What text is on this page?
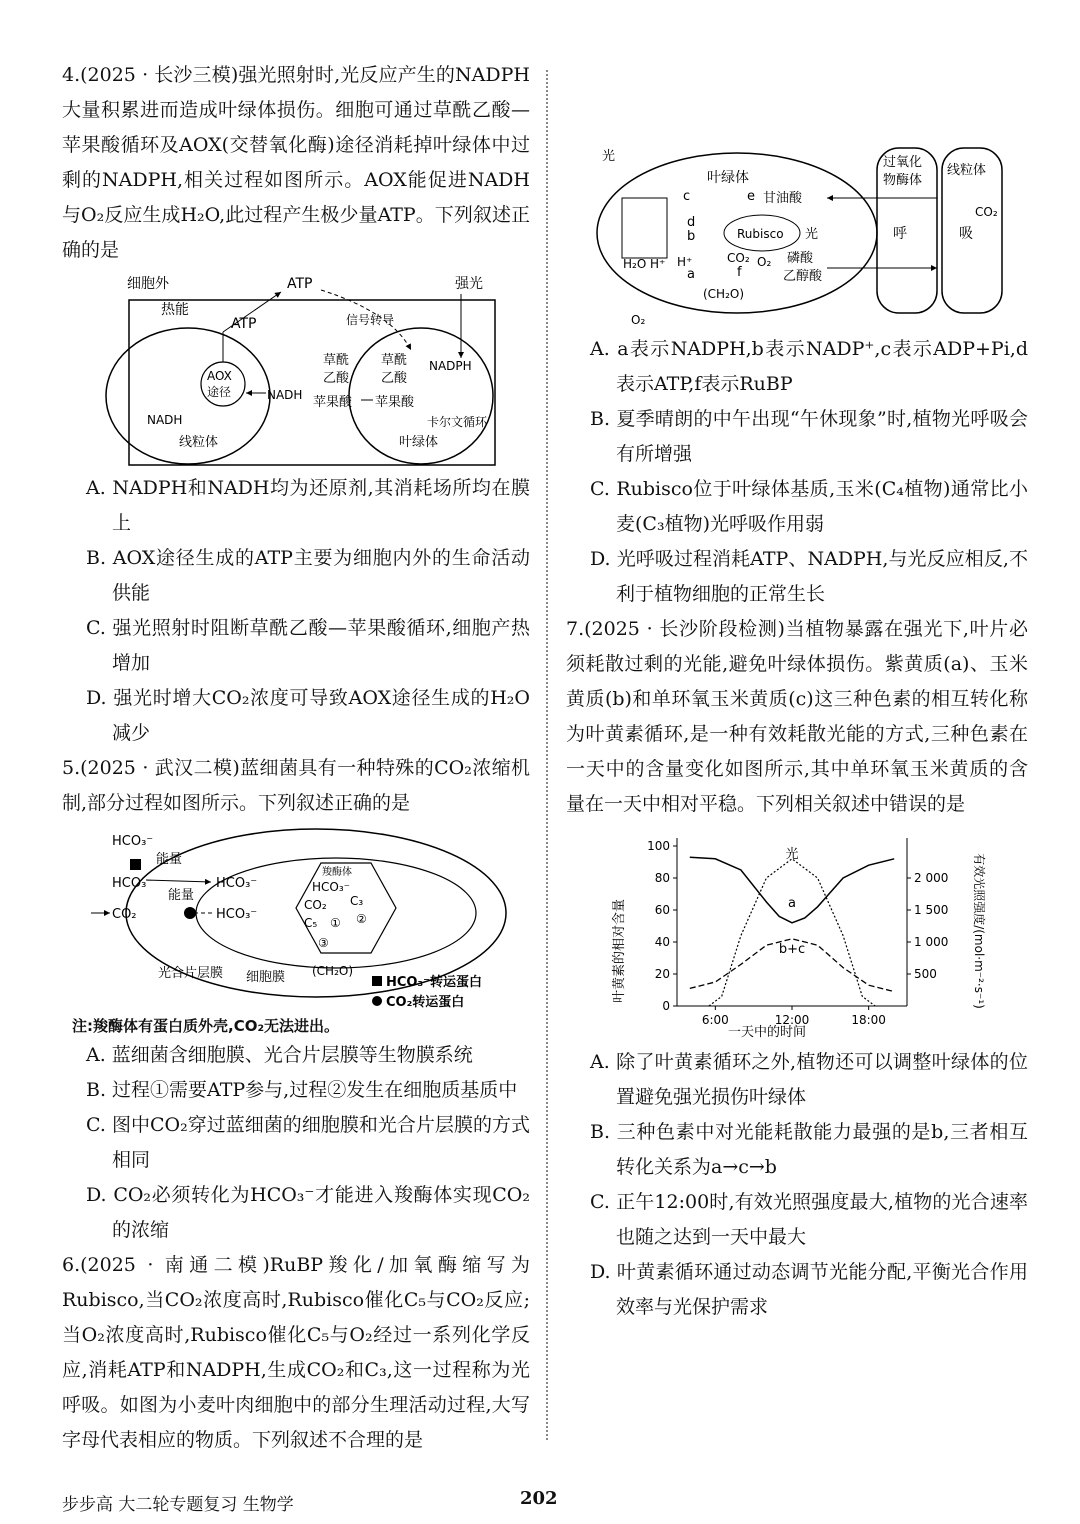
4.(2025 · 长沙三模)强光照射时,光反应产生的NADPH大量积累进而造成叶绿体损伤。细胞可通过草酰乙酸—苹果酸循环及AOX(交替氧化酶)途径消耗掉叶绿体中过剩的NADPH,相关过程如图所示。AOX能促进NADH与O₂反应生成H₂O,此过程产生极少量ATP。下列叙述正确的是

细胞外
热能
ATP
ATP
强光
信号转导
AOX
途径
NADPH
NADH
NADH
草酰
乙酸
草酰
乙酸
苹果酸 苹果酸
卡尔文循环
线粒体	叶绿体

A. NADPH和NADH均为还原剂,其消耗场所均在膜上

B. AOX途径生成的ATP主要为细胞内外的生命活动供能

C. 强光照射时阻断草酰乙酸—苹果酸循环,细胞产热增加

D. 强光时增大CO₂浓度可导致AOX途径生成的H₂O减少

5.(2025 · 武汉二模)蓝细菌具有一种特殊的CO₂浓缩机制,部分过程如图所示。下列叙述正确的是

HCO₃⁻
能量
HCO₃⁻
能量
HCO₃⁻
HCO₃⁻
CO₂
羧酶体
HCO₃⁻
CO₂ C₃
C₅ ① ②
③
(CH₂O)
光合片层膜 细胞膜	HCO₃⁻转运蛋白
CO₂转运蛋白

注:羧酶体有蛋白质外壳,CO₂无法进出。

A. 蓝细菌含细胞膜、光合片层膜等生物膜系统

B. 过程①需要ATP参与,过程②发生在细胞质基质中

C. 图中CO₂穿过蓝细菌的细胞膜和光合片层膜的方式相同

D. CO₂必须转化为HCO₃⁻才能进入羧酶体实现CO₂的浓缩

6.(2025 · 南通二模)RuBP羧化/加氧酶缩写为Rubisco,当CO₂浓度高时,Rubisco催化C₅与CO₂反应;当O₂浓度高时,Rubisco催化C₅与O₂经过一系列化学反应,消耗ATP和NADPH,生成CO₂和C₃,这一过程称为光呼吸。如图为小麦叶肉细胞中的部分生理活动过程,大写字母代表相应的物质。下列叙述不合理的是

光
叶绿体
过氧化
物酶体
线粒体
c
d
b
e
a	f
甘油酸
Rubisco 光
H₂O H⁺ H⁺	CO₂ O₂ 磷酸
乙醇酸
(CH₂O)
O₂
呼	吸
CO₂

A. a表示NADPH,b表示NADP⁺,c表示ADP+Pi,d表示ATP,f表示RuBP

B. 夏季晴朗的中午出现“午休现象”时,植物光呼吸会有所增强

C. Rubisco位于叶绿体基质,玉米(C₄植物)通常比小麦(C₃植物)光呼吸作用弱

D. 光呼吸过程消耗ATP、NADPH,与光反应相反,不利于植物细胞的正常生长

7.(2025 · 长沙阶段检测)当植物暴露在强光下,叶片必须耗散过剩的光能,避免叶绿体损伤。紫黄质(a)、玉米黄质(b)和单环氧玉米黄质(c)这三种色素的相互转化称为叶黄素循环,是一种有效耗散光能的方式,三种色素在一天中的含量变化如图所示,其中单环氧玉米黄质的含量在一天中相对平稳。下列相关叙述中错误的是

叶黄素的相对含量	有效光照强度/(mol·m⁻²·s⁻¹)
一天中的时间
0
20
40
60
80
100
500
1 000
1 500
2 000
6:00	12:00	18:00
光
a
b+c

A. 除了叶黄素循环之外,植物还可以调整叶绿体的位置避免强光损伤叶绿体

B. 三种色素中对光能耗散能力最强的是b,三者相互转化关系为a→c→b

C. 正午12:00时,有效光照强度最大,植物的光合速率也随之达到一天中最大

D. 叶黄素循环通过动态调节光能分配,平衡光合作用效率与光保护需求

步步高 大二轮专题复习 生物学	202
